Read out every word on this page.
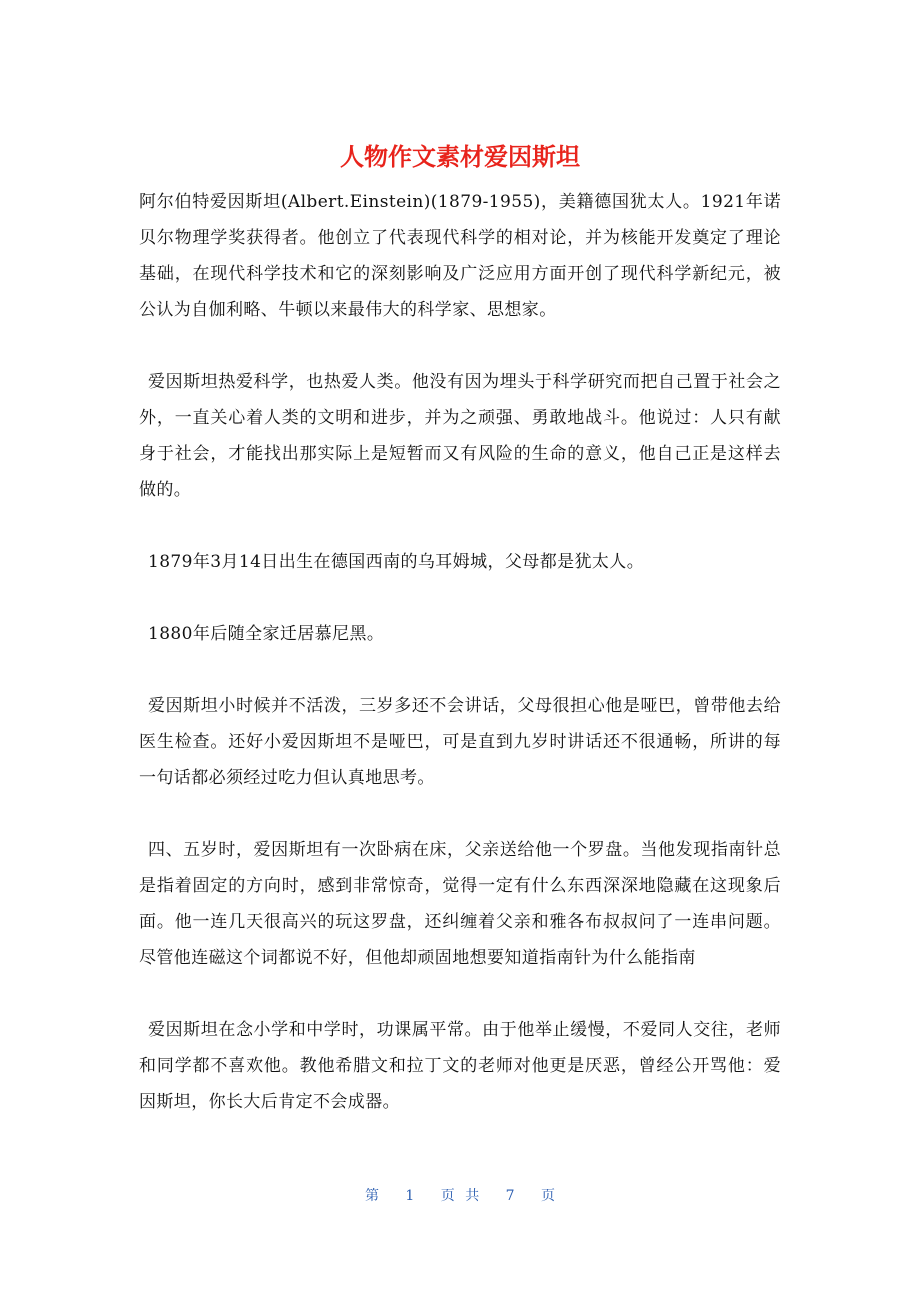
人物作文素材爱因斯坦

阿尔伯特爱因斯坦(Albert.Einstein)(1879-1955)，美籍德国犹太人。1921年诺贝尔物理学奖获得者。他创立了代表现代科学的相对论，并为核能开发奠定了理论基础，在现代科学技术和它的深刻影响及广泛应用方面开创了现代科学新纪元，被公认为自伽利略、牛顿以来最伟大的科学家、思想家。

爱因斯坦热爱科学，也热爱人类。他没有因为埋头于科学研究而把自己置于社会之外，一直关心着人类的文明和进步，并为之顽强、勇敢地战斗。他说过：人只有献身于社会，才能找出那实际上是短暂而又有风险的生命的意义，他自己正是这样去做的。

1879年3月14日出生在德国西南的乌耳姆城，父母都是犹太人。

1880年后随全家迁居慕尼黑。

爱因斯坦小时候并不活泼，三岁多还不会讲话，父母很担心他是哑巴，曾带他去给医生检查。还好小爱因斯坦不是哑巴，可是直到九岁时讲话还不很通畅，所讲的每一句话都必须经过吃力但认真地思考。

四、五岁时，爱因斯坦有一次卧病在床，父亲送给他一个罗盘。当他发现指南针总是指着固定的方向时，感到非常惊奇，觉得一定有什么东西深深地隐藏在这现象后面。他一连几天很高兴的玩这罗盘，还纠缠着父亲和雅各布叔叔问了一连串问题。尽管他连磁这个词都说不好，但他却顽固地想要知道指南针为什么能指南

爱因斯坦在念小学和中学时，功课属平常。由于他举止缓慢，不爱同人交往，老师和同学都不喜欢他。教他希腊文和拉丁文的老师对他更是厌恶，曾经公开骂他：爱因斯坦，你长大后肯定不会成器。

第 1 页 共 7 页
